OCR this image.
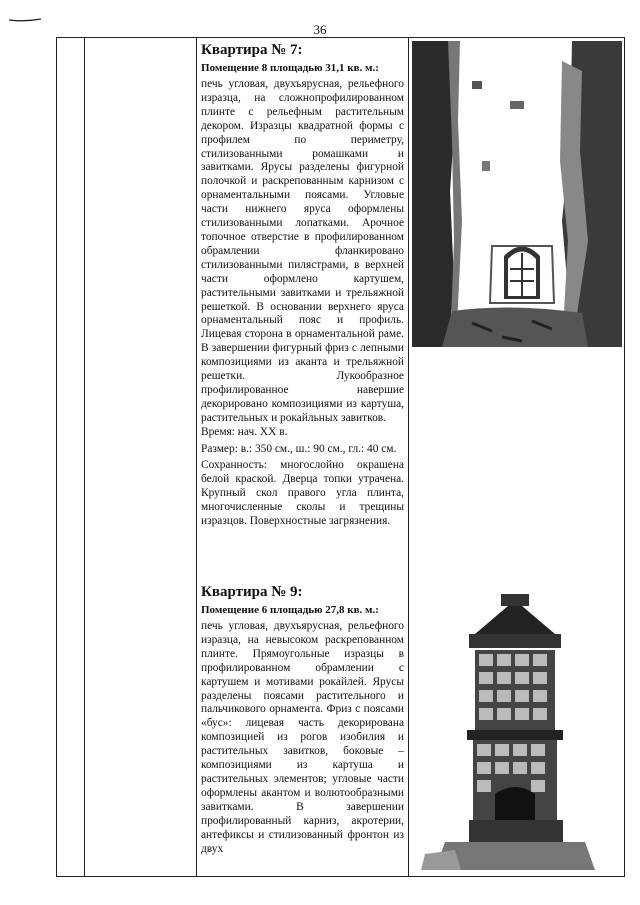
36
Квартира № 7:
Помещение 8 площадью 31,1 кв. м.:

печь угловая, двухъярусная, рельефного изразца, на сложнопрофилированном плинте с рельефным растительным декором. Изразцы квадратной формы с профилем по периметру, стилизованными ромашками и завитками. Ярусы разделены фигурной полочкой и раскрепованным карнизом с орнаментальными поясами. Угловые части нижнего яруса оформлены стилизованными лопатками. Арочное топочное отверстие в профилированном обрамлении фланкировано стилизованными пилястрами, в верхней части оформлено картушем, растительными завитками и трельяжной решеткой. В основании верхнего яруса орнаментальный пояс и профиль. Лицевая сторона в орнаментальной раме. В завершении фигурный фриз с лепными композициями из аканта и трельяжной решетки. Лукообразное профилированное навершие декорировано композициями из картуша, растительных и рокайльных завитков.

Время: нач. XX в.

Размер: в.: 350 см., ш.: 90 см., гл.: 40 см.

Сохранность: многослойно окрашена белой краской. Дверца топки утрачена. Крупный скол правого угла плинта, многочисленные сколы и трещины изразцов. Поверхностные загрязнения.

Квартира № 9:
Помещение 6 площадью 27,8 кв. м.:

печь угловая, двухъярусная, рельефного изразца, на невысоком раскрепованном плинте. Прямоугольные изразцы в профилированном обрамлении с картушем и мотивами рокайлей. Ярусы разделены поясами растительного и пальчикового орнамента. Фриз с поясами «бус»: лицевая часть декорирована композицией из рогов изобилия и растительных завитков, боковые – композициями из картуша и растительных элементов; угловые части оформлены акантом и волютообразными завитками. В завершении профилированный карниз, акротерии, антефиксы и стилизованный фронтон из двух
